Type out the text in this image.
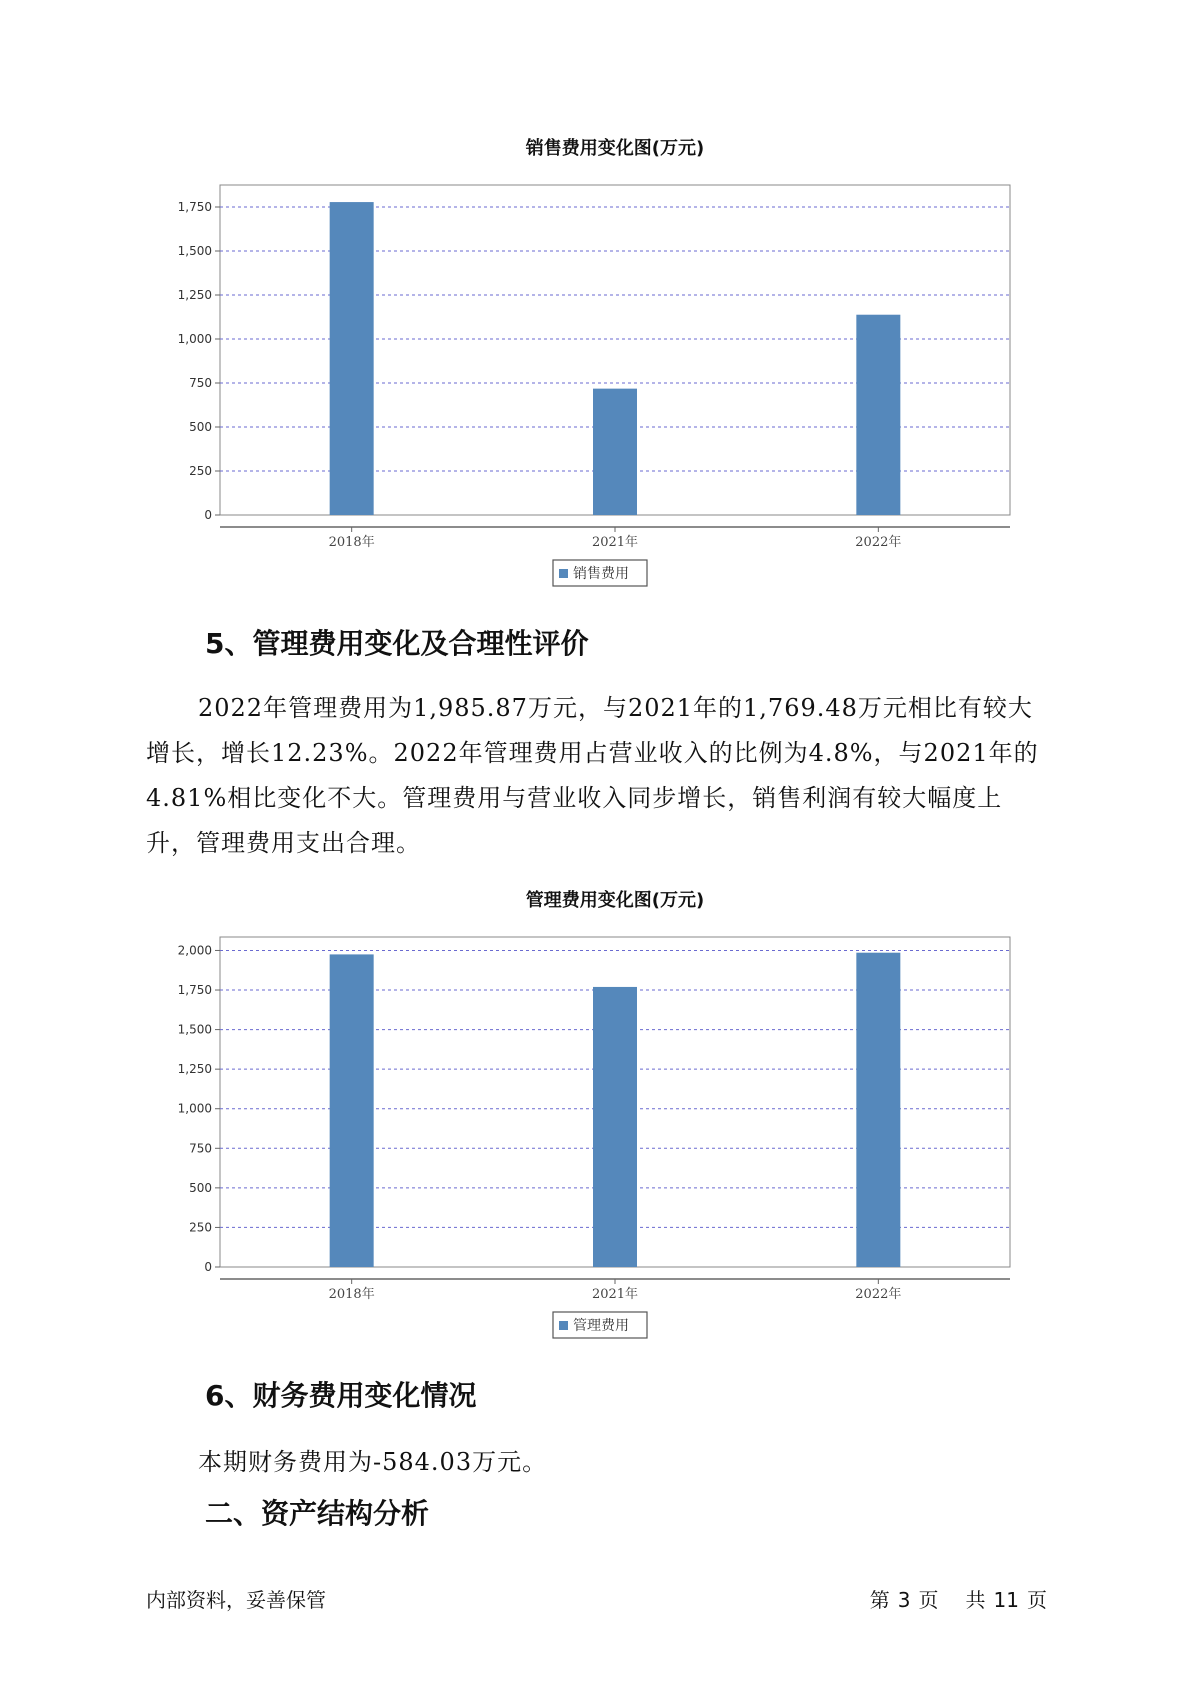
销售费用变化图(万元)
0
250
500
750
1,000
1,250
1,500
1,750
2018年	2021年	2022年
销售费用
5、管理费用变化及合理性评价

2022年管理费用为1,985.87万元，与2021年的1,769.48万元相比有较大增长，增长12.23%。2022年管理费用占营业收入的比例为4.8%，与2021年的4.81%相比变化不大。管理费用与营业收入同步增长，销售利润有较大幅度上升，管理费用支出合理。

管理费用变化图(万元)
0
250
500
750
1,000
1,250
1,500
1,750
2,000
2018年	2021年	2022年
管理费用
6、财务费用变化情况

本期财务费用为-584.03万元。

二、资产结构分析

内部资料，妥善保管	第 3 页 共 11 页
